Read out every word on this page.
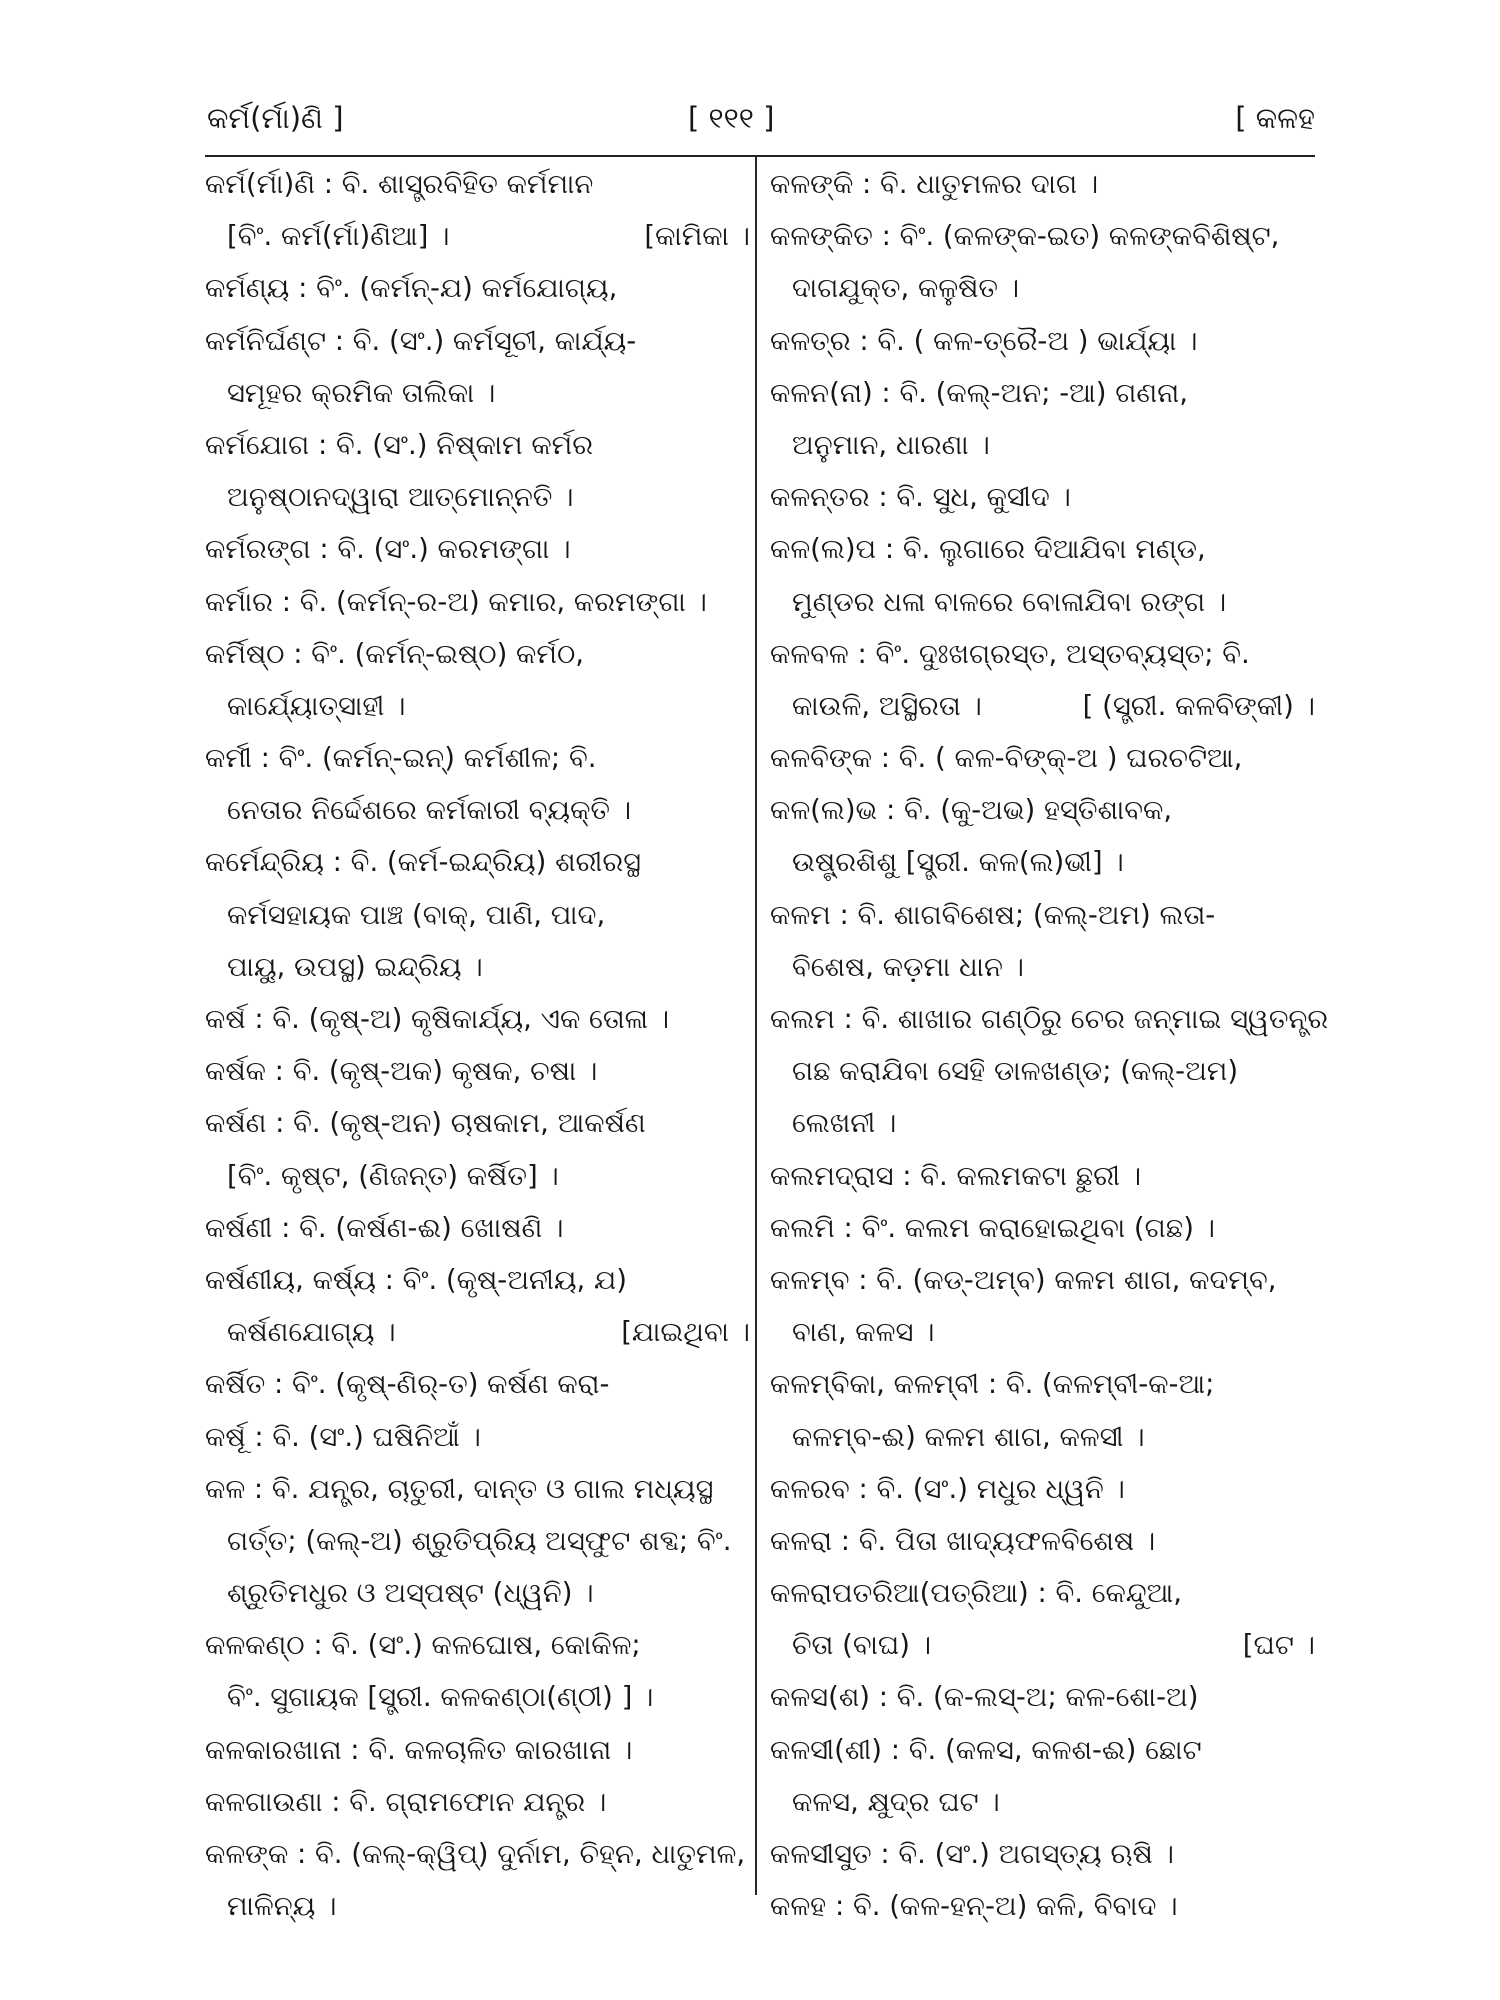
କର୍ମ(ର୍ମା)ଣି ]	[ ୧୧୧ ]	[ କଳହ
କର୍ମ(ର୍ମା)ଣି : ବି. ଶାସ୍ତ୍ରବିହିତ କର୍ମମାନ
[ବିଂ. କର୍ମ(ର୍ମା)ଣିଆ] ।	[କାମିକା ।
କର୍ମଣ୍ୟ : ବିଂ. (କର୍ମନ୍-ଯ) କର୍ମଯୋଗ୍ୟ,
କର୍ମନିର୍ଘଣ୍ଟ : ବି. (ସଂ.) କର୍ମସୂଚୀ, କାର୍ଯ୍ୟ-
ସମୂହର କ୍ରମିକ ତାଲିକା ।
କର୍ମଯୋଗ : ବି. (ସଂ.) ନିଷ୍କାମ କର୍ମର
ଅନୁଷ୍ଠାନଦ୍ୱାରା ଆତ୍ମୋନ୍ନତି ।
କର୍ମରଙ୍ଗ : ବି. (ସଂ.) କରମଙ୍ଗା ।
କର୍ମାର : ବି. (କର୍ମନ୍-ର-ଅ) କମାର, କରମଙ୍ଗା ।
କର୍ମିଷ୍ଠ : ବିଂ. (କର୍ମନ୍-ଇଷ୍ଠ) କର୍ମଠ,
କାର୍ଯ୍ୟୋତ୍ସାହୀ ।
କର୍ମୀ : ବିଂ. (କର୍ମନ୍-ଇନ୍) କର୍ମଶୀଳ; ବି.
ନେତାର ନିର୍ଦ୍ଦେଶରେ କର୍ମକାରୀ ବ୍ୟକ୍ତି ।
କର୍ମେନ୍ଦ୍ରିୟ : ବି. (କର୍ମ-ଇନ୍ଦ୍ରିୟ) ଶରୀରସ୍ଥ
କର୍ମସହାୟକ ପାଞ୍ଚ (ବାକ୍, ପାଣି, ପାଦ,
ପାୟୁ, ଉପସ୍ଥ) ଇନ୍ଦ୍ରିୟ ।
କର୍ଷ : ବି. (କୃଷ୍-ଅ) କୃଷିକାର୍ଯ୍ୟ, ଏକ ତୋଳା ।
କର୍ଷକ : ବି. (କୃଷ୍-ଅକ) କୃଷକ, ଚଷା ।
କର୍ଷଣ : ବି. (କୃଷ୍-ଅନ) ଚାଷକାମ, ଆକର୍ଷଣ
[ବିଂ. କୃଷ୍ଟ, (ଣିଜନ୍ତ) କର୍ଷିତ] ।
କର୍ଷଣୀ : ବି. (କର୍ଷଣ-ଈ) ଖୋଷଣି ।
କର୍ଷଣୀୟ, କର୍ଷ୍ୟ : ବିଂ. (କୃଷ୍-ଅନୀୟ, ଯ)
କର୍ଷଣଯୋଗ୍ୟ ।	[ଯାଇଥିବା ।
କର୍ଷିତ : ବିଂ. (କୃଷ୍-ଣିର୍-ତ) କର୍ଷଣ କରା-
କର୍ଷୂ : ବି. (ସଂ.) ଘଷିନିଆଁ ।
କଳ : ବି. ଯନ୍ତ୍ର, ଚାତୁରୀ, ଦାନ୍ତ ଓ ଗାଲ ମଧ୍ୟସ୍ଥ
ଗର୍ତ୍ତ; (କଲ୍-ଅ) ଶ୍ରୁତିପ୍ରିୟ ଅସ୍ଫୁଟ ଶବ୍ଦ; ବିଂ.
ଶ୍ରୁତିମଧୁର ଓ ଅସ୍ପଷ୍ଟ (ଧ୍ୱନି) ।
କଳକଣ୍ଠ : ବି. (ସଂ.) କଳଘୋଷ, କୋକିଳ;
ବିଂ. ସୁଗାୟକ [ସ୍ତ୍ରୀ. କଳକଣ୍ଠା(ଣ୍ଠୀ) ] ।
କଳକାରଖାନା : ବି. କଳଚାଳିତ କାରଖାନା ।
କଳଗାଉଣା : ବି. ଗ୍ରାମଫୋନ ଯନ୍ତ୍ର ।
କଳଙ୍କ : ବି. (କଲ୍-କ୍ୱିପ୍) ଦୁର୍ନାମ, ଚିହ୍ନ, ଧାତୁମଳ,
ମାଳିନ୍ୟ ।
କଳଙ୍କି : ବି. ଧାତୁମଳର ଦାଗ ।
କଳଙ୍କିତ : ବିଂ. (କଳଙ୍କ-ଇତ) କଳଙ୍କବିଶିଷ୍ଟ,
ଦାଗଯୁକ୍ତ, କଳୁଷିତ ।
କଳତ୍ର : ବି. ( କଳ-ତ୍ରୈ-ଅ ) ଭାର୍ଯ୍ୟା ।
କଳନ(ନା) : ବି. (କଲ୍-ଅନ; -ଆ) ଗଣନା,
ଅନୁମାନ, ଧାରଣା ।
କଳନ୍ତର : ବି. ସୁଧ, କୁସୀଦ ।
କଳ(ଲ)ପ : ବି. ଲୁଗାରେ ଦିଆଯିବା ମଣ୍ଡ,
ମୁଣ୍ଡର ଧଳା ବାଳରେ ବୋଳାଯିବା ରଙ୍ଗ ।
କଳବଳ : ବିଂ. ଦୁଃଖଗ୍ରସ୍ତ, ଅସ୍ତବ୍ୟସ୍ତ; ବି.
କାଉଳି, ଅସ୍ଥିରତା ।	[ (ସ୍ତ୍ରୀ. କଳବିଙ୍କୀ) ।
କଳବିଙ୍କ : ବି. ( କଳ-ବିଙ୍କ୍-ଅ ) ଘରଚଟିଆ,
କଳ(ଲ)ଭ : ବି. (କୁ-ଅଭ) ହସ୍ତିଶାବକ,
ଉଷ୍ଟ୍ରଶିଶୁ [ସ୍ତ୍ରୀ. କଳ(ଲ)ଭୀ] ।
କଳମ : ବି. ଶାଗବିଶେଷ; (କଲ୍-ଅମ) ଲତା-
ବିଶେଷ, କଡ଼ମା ଧାନ ।
କଲମ : ବି. ଶାଖାର ଗଣ୍ଠିରୁ ଚେର ଜନ୍ମାଇ ସ୍ୱତନ୍ତ୍ର
ଗଛ କରାଯିବା ସେହି ଡାଳଖଣ୍ଡ; (କଲ୍-ଅମ)
ଲେଖନୀ ।
କଲମଦ୍ରାସ : ବି. କଲମକଟା ଛୁରୀ ।
କଲମି : ବିଂ. କଲମ କରାହୋଇଥିବା (ଗଛ) ।
କଳମ୍ବ : ବି. (କଡ୍-ଅମ୍ବ) କଳମ ଶାଗ, କଦମ୍ବ,
ବାଣ, କଳସ ।
କଳମ୍ବିକା, କଳମ୍ବୀ : ବି. (କଳମ୍ବୀ-କ-ଆ;
କଳମ୍ବ-ଈ) କଳମ ଶାଗ, କଳସୀ ।
କଳରବ : ବି. (ସଂ.) ମଧୁର ଧ୍ୱନି ।
କଳରା : ବି. ପିତା ଖାଦ୍ୟଫଳବିଶେଷ ।
କଳରାପତରିଆ(ପତ୍ରିଆ) : ବି. କେନ୍ଦୁଆ,
ଚିତା (ବାଘ) ।	[ଘଟ ।
କଳସ(ଶ) : ବି. (କ-ଲସ୍-ଅ; କଳ-ଶୋ-ଅ)
କଳସୀ(ଶୀ) : ବି. (କଳସ, କଳଶ-ଈ) ଛୋଟ
କଳସ, କ୍ଷୁଦ୍ର ଘଟ ।
କଳସୀସୁତ : ବି. (ସଂ.) ଅଗସ୍ତ୍ୟ ଋଷି ।
କଳହ : ବି. (କଳ-ହନ୍-ଅ) କଳି, ବିବାଦ ।
